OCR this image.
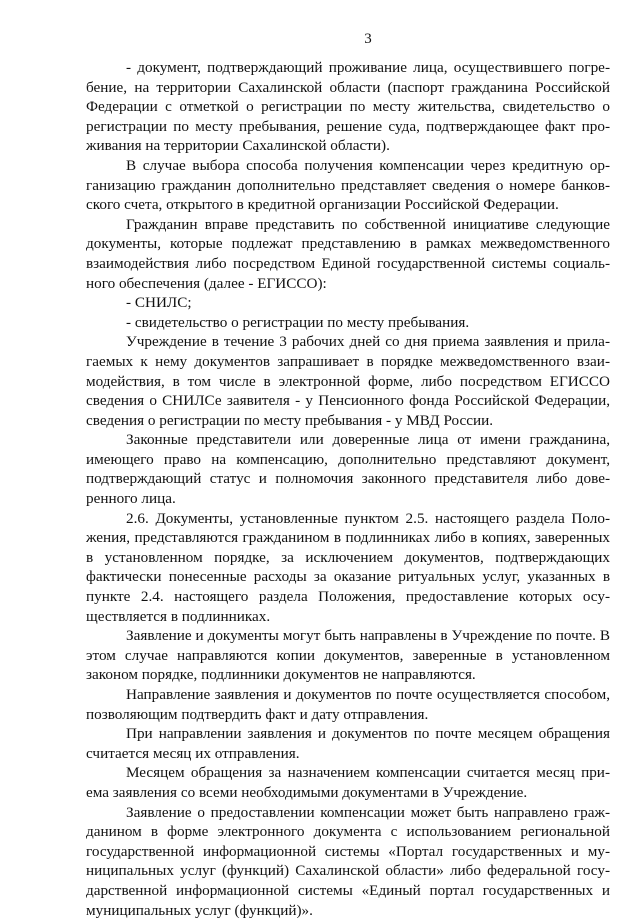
3

- документ, подтверждающий проживание лица, осуществившего погребение, на территории Сахалинской области (паспорт гражданина Российской Федерации с отметкой о регистрации по месту жительства, свидетельство о регистрации по месту пребывания, решение суда, подтверждающее факт проживания на территории Сахалинской области).

В случае выбора способа получения компенсации через кредитную организацию гражданин дополнительно представляет сведения о номере банковского счета, открытого в кредитной организации Российской Федерации.

Гражданин вправе представить по собственной инициативе следующие документы, которые подлежат представлению в рамках межведомственного взаимодействия либо посредством Единой государственной системы социального обеспечения (далее - ЕГИССО):

- СНИЛС;

- свидетельство о регистрации по месту пребывания.

Учреждение в течение 3 рабочих дней со дня приема заявления и прилагаемых к нему документов запрашивает в порядке межведомственного взаимодействия, в том числе в электронной форме, либо посредством ЕГИССО сведения о СНИЛСе заявителя - у Пенсионного фонда Российской Федерации, сведения о регистрации по месту пребывания - у МВД России.

Законные представители или доверенные лица от имени гражданина, имеющего право на компенсацию, дополнительно представляют документ, подтверждающий статус и полномочия законного представителя либо доверенного лица.

2.6. Документы, установленные пунктом 2.5. настоящего раздела Положения, представляются гражданином в подлинниках либо в копиях, заверенных в установленном порядке, за исключением документов, подтверждающих фактически понесенные расходы за оказание ритуальных услуг, указанных в пункте 2.4. настоящего раздела Положения, предоставление которых осуществляется в подлинниках.

Заявление и документы могут быть направлены в Учреждение по почте. В этом случае направляются копии документов, заверенные в установленном законом порядке, подлинники документов не направляются.

Направление заявления и документов по почте осуществляется способом, позволяющим подтвердить факт и дату отправления.

При направлении заявления и документов по почте месяцем обращения считается месяц их отправления.

Месяцем обращения за назначением компенсации считается месяц приема заявления со всеми необходимыми документами в Учреждение.

Заявление о предоставлении компенсации может быть направлено гражданином в форме электронного документа с использованием региональной государственной информационной системы «Портал государственных и муниципальных услуг (функций) Сахалинской области» либо федеральной государственной информационной системы «Единый портал государственных и муниципальных услуг (функций)».
